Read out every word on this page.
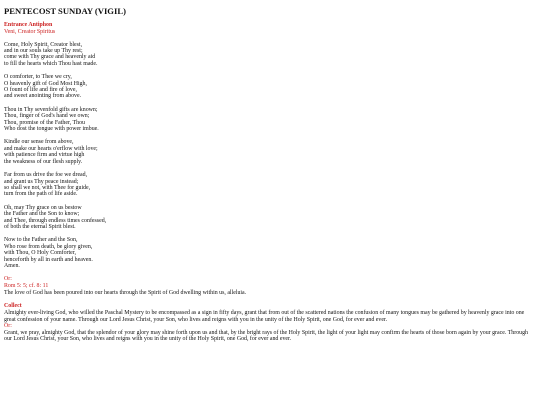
PENTECOST SUNDAY (VIGIL)
Entrance Antiphon
Veni, Creator Spiritus
Come, Holy Spirit, Creator blest,
and in our souls take up Thy rest;
come with Thy grace and heavenly aid
to fill the hearts which Thou hast made.
O comforter, to Thee we cry,
O heavenly gift of God Most High,
O fount of life and fire of love,
and sweet anointing from above.
Thou in Thy sevenfold gifts are known;
Thou, finger of God's hand we own;
Thou, promise of the Father, Thou
Who dost the tongue with power imbue.
Kindle our sense from above,
and make our hearts o'erflow with love;
with patience firm and virtue high
the weakness of our flesh supply.
Far from us drive the foe we dread,
and grant us Thy peace instead;
so shall we not, with Thee for guide,
turn from the path of life aside.
Oh, may Thy grace on us bestow
the Father and the Son to know;
and Thee, through endless times confessed,
of both the eternal Spirit blest.
Now to the Father and the Son,
Who rose from death, be glory given,
with Thou, O Holy Comforter,
henceforth by all in earth and heaven.
Amen.
Or:
Rom 5: 5; cf. 8: 11
The love of God has been poured into our hearts through the Spirit of God dwelling within us, alleluia.
Collect
Almighty ever-living God, who willed the Paschal Mystery to be encompassed as a sign in fifty days, grant that from out of the scattered nations the confusion of many tongues may be gathered by heavenly grace into one great confession of your name. Through our Lord Jesus Christ, your Son, who lives and reigns with you in the unity of the Holy Spirit, one God, for ever and ever.
Or:
Grant, we pray, almighty God, that the splendor of your glory may shine forth upon us and that, by the bright rays of the Holy Spirit, the light of your light may confirm the hearts of those born again by your grace. Through our Lord Jesus Christ, your Son, who lives and reigns with you in the unity of the Holy Spirit, one God, for ever and ever.
